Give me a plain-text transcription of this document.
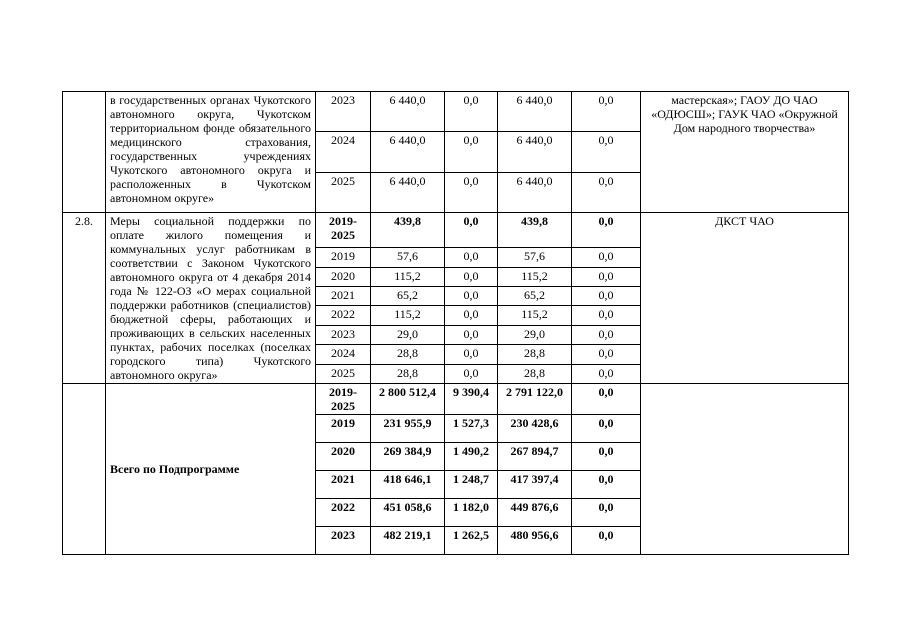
	в государственных органах Чукотского автономного округа, Чукотском территориальном фонде обязательного медицинского страхования, государственных учреждениях Чукотского автономного округа и расположенных в Чукотском автономном округе»	2023	6 440,0	0,0	6 440,0	0,0	мастерская»; ГАОУ ДО ЧАО «ОДЮСШ»; ГАУК ЧАО «Окружной Дом народного творчества»
		2024	6 440,0	0,0	6 440,0	0,0	
		2025	6 440,0	0,0	6 440,0	0,0	
2.8.	Меры социальной поддержки по оплате жилого помещения и коммунальных услуг работникам в соответствии с Законом Чукотского автономного округа от 4 декабря 2014 года № 122-ОЗ «О мерах социальной поддержки работников (специалистов) бюджетной сферы, работающих и проживающих в сельских населенных пунктах, рабочих поселках (поселках городского типа) Чукотского автономного округа»	2019-2025	439,8	0,0	439,8	0,0	ДКСТ ЧАО
		2019	57,6	0,0	57,6	0,0	
		2020	115,2	0,0	115,2	0,0	
		2021	65,2	0,0	65,2	0,0	
		2022	115,2	0,0	115,2	0,0	
		2023	29,0	0,0	29,0	0,0	
		2024	28,8	0,0	28,8	0,0	
		2025	28,8	0,0	28,8	0,0	
	Всего по Подпрограмме	2019-2025	2 800 512,4	9 390,4	2 791 122,0	0,0	
		2019	231 955,9	1 527,3	230 428,6	0,0	
		2020	269 384,9	1 490,2	267 894,7	0,0	
		2021	418 646,1	1 248,7	417 397,4	0,0	
		2022	451 058,6	1 182,0	449 876,6	0,0	
		2023	482 219,1	1 262,5	480 956,6	0,0	
